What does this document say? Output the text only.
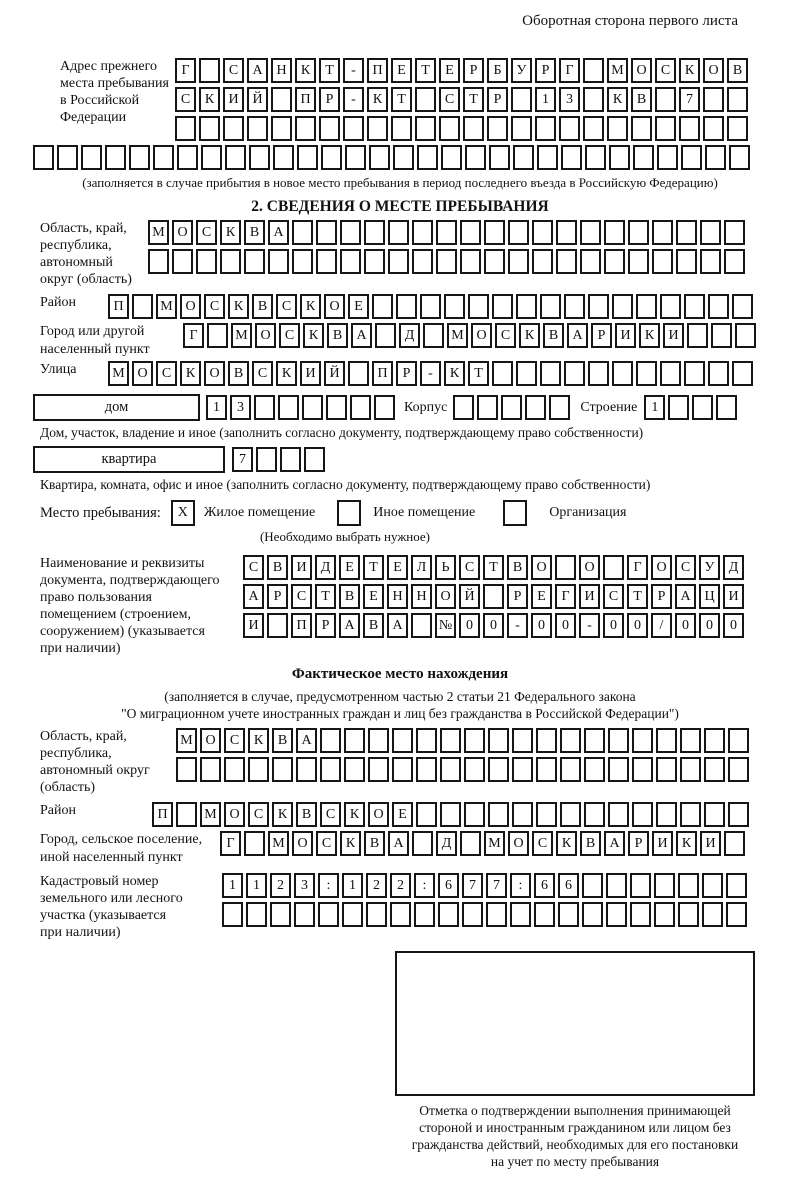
Оборотная сторона первого листа
Адрес прежнего
места пребывания
в Российской
Федерации
Г	С	А Н	К	Т	-	П	Е	Т	Е	Р	Б	У	Р	Г	М О	С	К	О	В
С	К	И Й	П	Р	-	К	Т	С	Т	Р	1	3	К	В	7
(заполняется в случае прибытия в новое место пребывания в период последнего въезда в Российскую Федерацию)
2. СВЕДЕНИЯ О МЕСТЕ ПРЕБЫВАНИЯ
Область, край,
республика,
автономный
округ (область)
М О	С	К	В	А
Район	П	М О	С	К	В	С	К	О	Е
Город или другой
населенный пункт
Г	М О	С	К	В	А	Д	М О	С	К	В	А	Р	И	К	И
Улица	М О	С	К	О	В	С	К	И Й	П	Р	-	К	Т
дом	1	3	Корпус	Строение	1
Дом, участок, владение и иное (заполнить согласно документу, подтверждающему право собственности)
квартира	7
Квартира, комната, офис и иное (заполнить согласно документу, подтверждающему право собственности)
Место пребывания:	X	Жилое помещение	Иное помещение	Организация
(Необходимо выбрать нужное)
Наименование и реквизиты
документа, подтверждающего
право пользования
помещением (строением,
сооружением) (указывается
при наличии)
С	В	И	Д	Е	Т	Е	Л	Ь	С	Т	В	О	О	Г	О	С	У	Д
А	Р	С	Т	В	Е	Н Н О Й	Р	Е	Г	И	С	Т	Р	А Ц И
И	П	Р	А	В	А	№ 0	0	-	0	0	-	0	0	/	0	0	0
Фактическое место нахождения
(заполняется в случае, предусмотренном частью 2 статьи 21 Федерального закона
"О миграционном учете иностранных граждан и лиц без гражданства в Российской Федерации")
Область, край,
республика,
автономный округ
(область)
М О	С	К	В	А
Район	П	М О	С	К	В	С	К	О	Е
Город, сельское поселение,
иной населенный пункт
Г	М О	С	К	В	А	Д	М О	С	К	В	А	Р	И	К	И
Кадастровый номер
земельного или лесного
участка (указывается
при наличии)
1	1	2	3	:	1	2	2	:	6	7	7	:	6	6
Отметка о подтверждении выполнения принимающей
стороной и иностранным гражданином или лицом без
гражданства действий, необходимых для его постановки
на учет по месту пребывания
